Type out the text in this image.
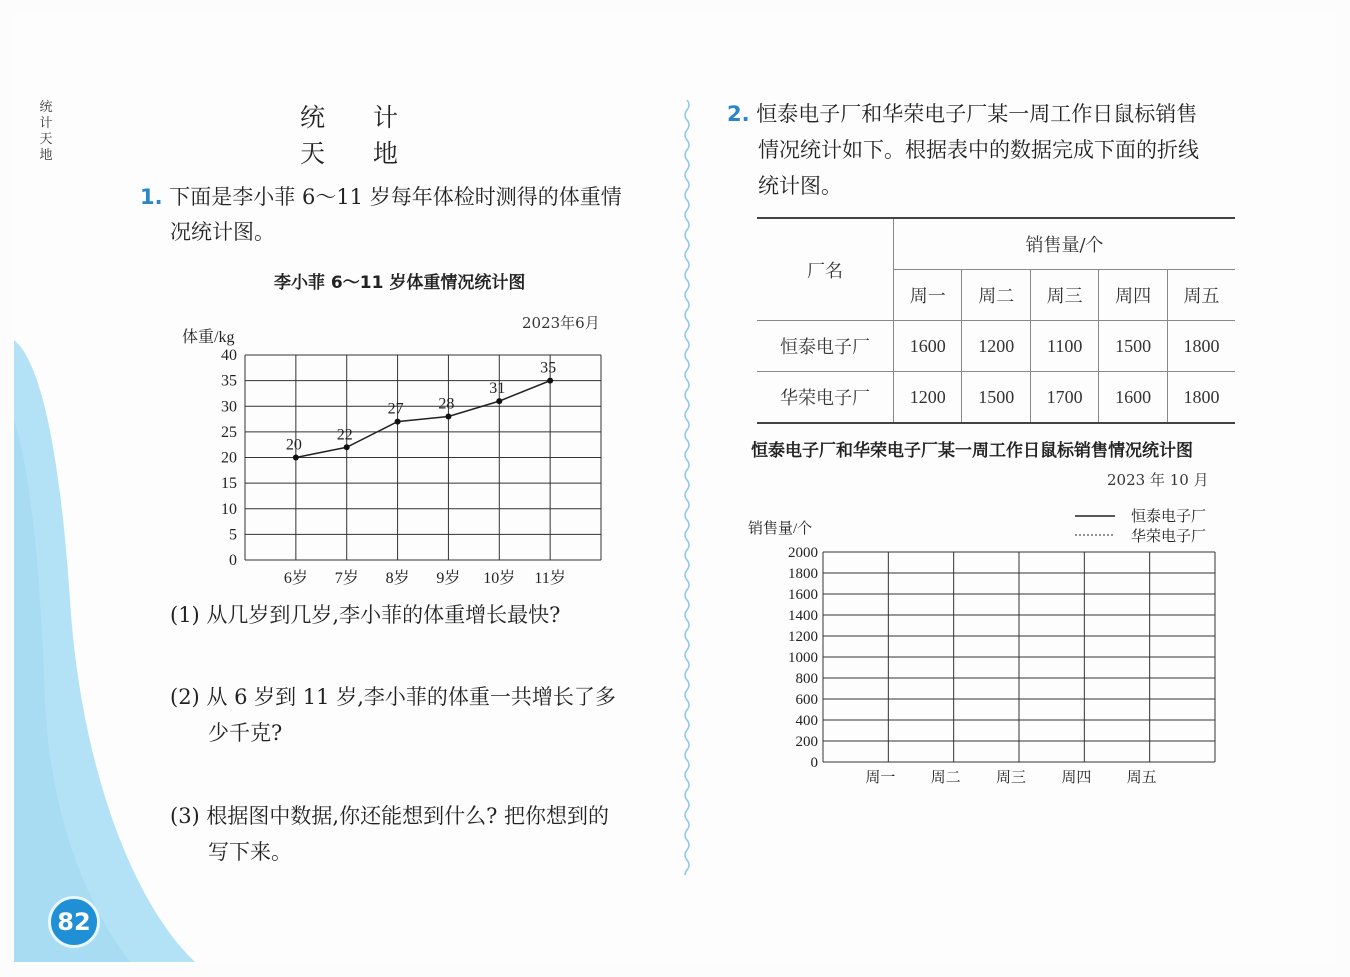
统计天地
统 计 天 地
1. 下面是李小菲 6～11 岁每年体检时测得的体重情
况统计图。
李小菲 6～11 岁体重情况统计图
2023年6月
体重/kg
0
5
10
15
20
25
30
35
40
20
6岁
22
7岁
27
8岁
28
9岁
31
10岁
35
11岁
(1) 从几岁到几岁,李小菲的体重增长最快?
(2) 从 6 岁到 11 岁,李小菲的体重一共增长了多
少千克?
(3) 根据图中数据,你还能想到什么? 把你想到的
写下来。
2. 恒泰电子厂和华荣电子厂某一周工作日鼠标销售
情况统计如下。根据表中的数据完成下面的折线
统计图。
厂名	销售量/个				
	周一	周二	周三	周四	周五
恒泰电子厂	1600	1200	1100	1500	1800
华荣电子厂	1200	1500	1700	1600	1800
恒泰电子厂和华荣电子厂某一周工作日鼠标销售情况统计图
2023 年 10 月
销售量/个
0
200
400
600
800
1000
1200
1400
1600
1800
2000
周一 周二 周三 周四 周五
恒泰电子厂
华荣电子厂
82
